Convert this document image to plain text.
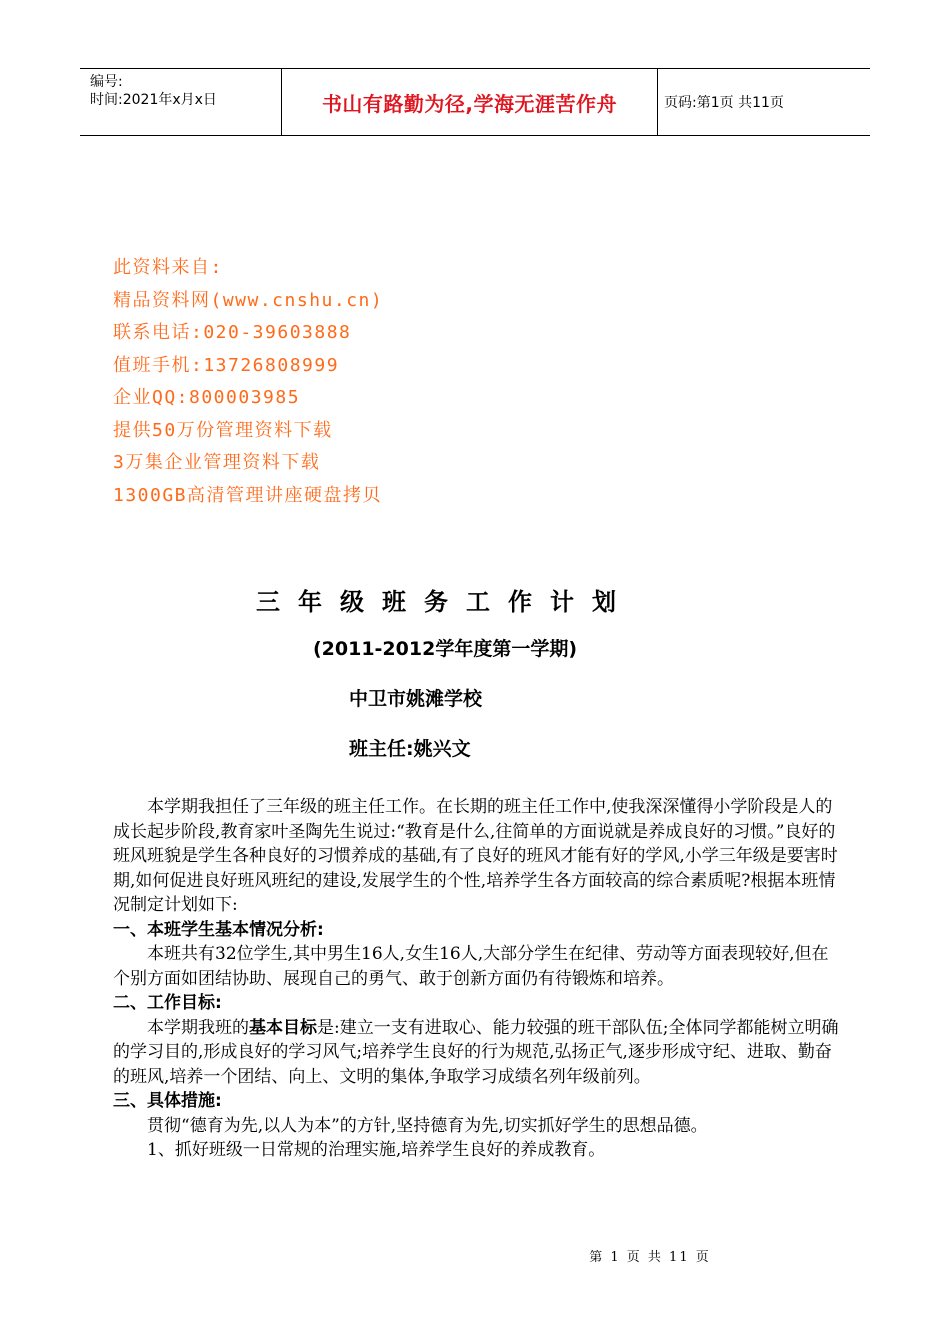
编号:
时间:2021年x月x日	书山有路勤为径,学海无涯苦作舟	页码:第1页 共11页
此资料来自:
精品资料网(www.cnshu.cn)
联系电话:020-39603888
值班手机:13726808999
企业QQ:800003985
提供50万份管理资料下载
3万集企业管理资料下载
1300GB高清管理讲座硬盘拷贝
三年级班务工作计划
(2011-2012学年度第一学期)
中卫市姚滩学校
班主任:姚兴文

本学期我担任了三年级的班主任工作。在长期的班主任工作中,使我深深懂得小学阶段是人的成长起步阶段,教育家叶圣陶先生说过:“教育是什么,往简单的方面说就是养成良好的习惯。”良好的班风班貌是学生各种良好的习惯养成的基础,有了良好的班风才能有好的学风,小学三年级是要害时期,如何促进良好班风班纪的建设,发展学生的个性,培养学生各方面较高的综合素质呢?根据本班情况制定计划如下:

一、本班学生基本情况分析:

本班共有32位学生,其中男生16人,女生16人,大部分学生在纪律、劳动等方面表现较好,但在个别方面如团结协助、展现自己的勇气、敢于创新方面仍有待锻炼和培养。

二、工作目标:

本学期我班的基本目标是:建立一支有进取心、能力较强的班干部队伍;全体同学都能树立明确的学习目的,形成良好的学习风气;培养学生良好的行为规范,弘扬正气,逐步形成守纪、进取、勤奋的班风,培养一个团结、向上、文明的集体,争取学习成绩名列年级前列。

三、具体措施:

贯彻“德育为先,以人为本”的方针,坚持德育为先,切实抓好学生的思想品德。

1、抓好班级一日常规的治理实施,培养学生良好的养成教育。

第 1 页 共 11 页
